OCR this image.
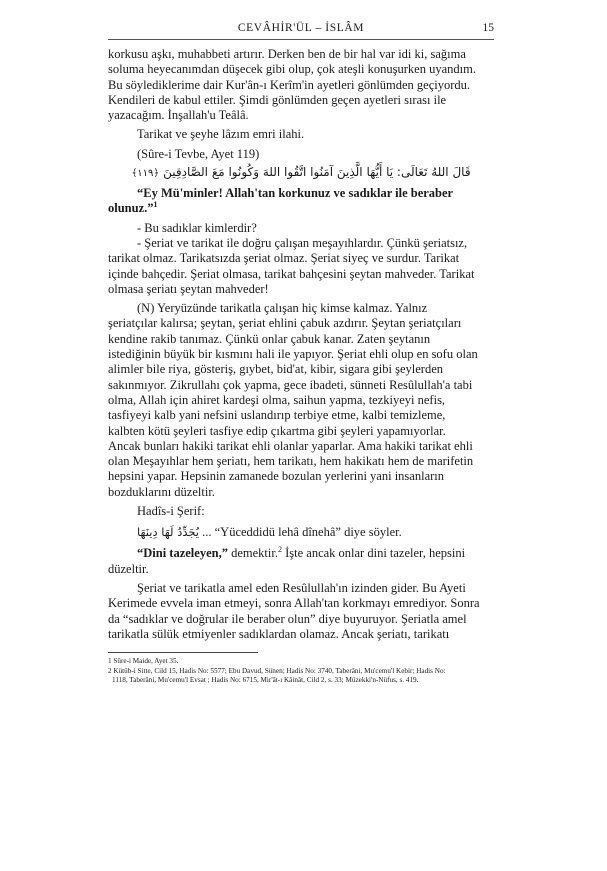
CEVÂHİR'ÜL – İSLÂM	15

korkusu aşkı, muhabbeti artırır. Derken ben de bir hal var idi ki, sağıma

soluma heyecanımdan düşecek gibi olup, çok ateşli konuşurken uyandım.

Bu söylediklerime dair Kur'ân-ı Kerîm'in ayetleri gönlümden geçiyordu.

Kendileri de kabul ettiler. Şimdi gönlümden geçen ayetleri sırası ile

yazacağım. İnşallah'u Teâlâ.

Tarikat ve şeyhe lâzım emri ilahi.

(Sûre-i Tevbe, Ayet 119)

قَالَ اللهُ تَعَالَى: يَا أَيُّهَا الَّذِينَ آمَنُوا اتَّقُوا اللهَ وَكُونُوا مَعَ الصَّادِقِينَ ﴿١١٩﴾

“Ey Mü'minler! Allah'tan korkunuz ve sadıklar ile beraber

olunuz.”$^1$

- Bu sadıklar kimlerdir?

- Şeriat ve tarikat ile doğru çalışan meşayıhlardır. Çünkü şeriatsız,

tarikat olmaz. Tarikatsızda şeriat olmaz. Şeriat siyeç ve surdur. Tarikat

içinde bahçedir. Şeriat olmasa, tarikat bahçesini şeytan mahveder. Tarikat

olmasa şeriatı şeytan mahveder!

(N) Yeryüzünde tarikatla çalışan hiç kimse kalmaz. Yalnız

şeriatçılar kalırsa; şeytan, şeriat ehlini çabuk azdırır. Şeytan şeriatçıları

kendine rakib tanımaz. Çünkü onlar çabuk kanar. Zaten şeytanın

istediğinin büyük bir kısmını hali ile yapıyor. Şeriat ehli olup en sofu olan

alimler bile riya, gösteriş, gıybet, bid'at, kibir, sigara gibi şeylerden

sakınmıyor. Zikrullahı çok yapma, gece ibadeti, sünneti Resûlullah'a tabi

olma, Allah için ahiret kardeşi olma, saihun yapma, tezkiyeyi nefis,

tasfiyeyi kalb yani nefsini uslandırıp terbiye etme, kalbi temizleme,

kalbten kötü şeyleri tasfiye edip çıkartma gibi şeyleri yapamıyorlar.

Ancak bunları hakiki tarikat ehli olanlar yaparlar. Ama hakiki tarikat ehli

olan Meşayıhlar hem şeriatı, hem tarikatı, hem hakikatı hem de marifetin

hepsini yapar. Hepsinin zamanede bozulan yerlerini yani insanların

bozduklarını düzeltir.

Hadîs-i Şerif:

يُجَدِّدُ لَهَا دِينَهَا ... “Yüceddidü lehâ dînehâ” diye söyler.

“Dini tazeleyen,” demektir.$^2$ İşte ancak onlar dini tazeler, hepsini

düzeltir.

Şeriat ve tarikatla amel eden Resûlullah'ın izinden gider. Bu Ayeti

Kerimede evvela iman etmeyi, sonra Allah'tan korkmayı emrediyor. Sonra

da “sadıklar ve doğrular ile beraber olun” diye buyuruyor. Şeriatla amel

tarikatla sülük etmiyenler sadıklardan olamaz. Ancak şeriatı, tarikatı

1 Sûre-i Maide, Ayet 35.

2 Kütüb-i Sitte, Cild 15, Hadis No: 5577; Ebu Davud, Sünen; Hadis No: 3740, Taberâni, Mu'cemu'l Kebir; Hadis No:

1118, Taberâni, Mu'cemu'l Evsat ; Hadis No: 6715, Mir'ât-ı Kâinât, Cild 2, s. 33; Müzekki'n-Nüfus, s. 419.
